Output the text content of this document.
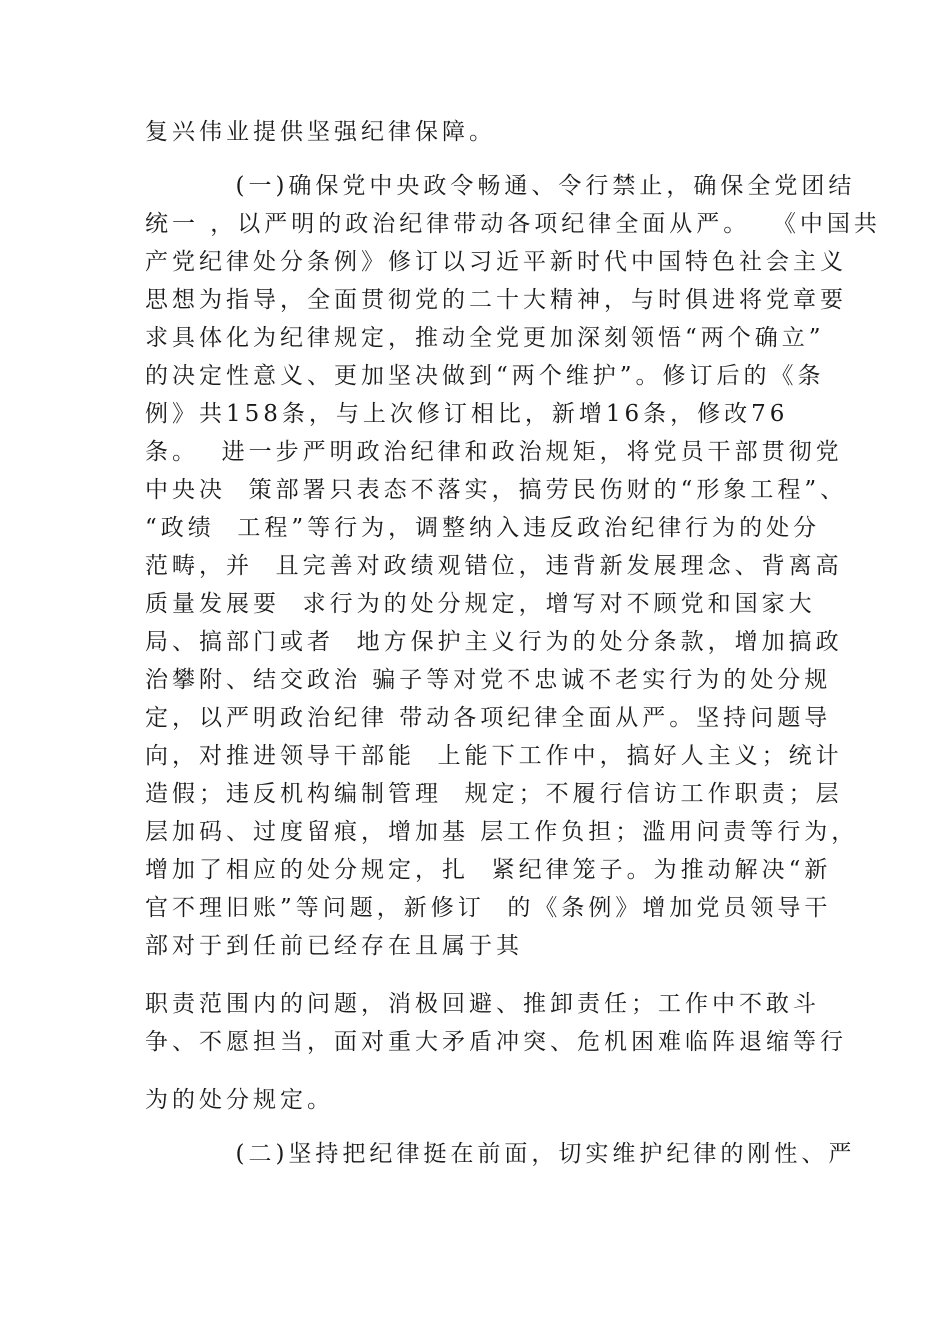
复兴伟业提供坚强纪律保障。
(一)确保党中央政令畅通、令行禁止，确保全党团结
统一 ，以严明的政治纪律带动各项纪律全面从严。  《中国共
产党纪律处分条例》修订以习近平新时代中国特色社会主义
思想为指导，全面贯彻党的二十大精神，与时俱进将党章要
求具体化为纪律规定，推动全党更加深刻领悟“两个确立”
的决定性意义、更加坚决做到“两个维护”。修订后的《条
例》共158条，与上次修订相比，新增16条，修改76
条。  进一步严明政治纪律和政治规矩，将党员干部贯彻党
中央决  策部署只表态不落实，搞劳民伤财的“形象工程”、
“政绩  工程”等行为，调整纳入违反政治纪律行为的处分
范畴，并  且完善对政绩观错位，违背新发展理念、背离高
质量发展要  求行为的处分规定，增写对不顾党和国家大
局、搞部门或者  地方保护主义行为的处分条款，增加搞政
治攀附、结交政治 骗子等对党不忠诚不老实行为的处分规
定，以严明政治纪律 带动各项纪律全面从严。坚持问题导
向，对推进领导干部能  上能下工作中，搞好人主义；统计
造假；违反机构编制管理  规定；不履行信访工作职责；层
层加码、过度留痕，增加基 层工作负担；滥用问责等行为，
增加了相应的处分规定，扎  紧纪律笼子。为推动解决“新
官不理旧账”等问题，新修订  的《条例》增加党员领导干
部对于到任前已经存在且属于其
职责范围内的问题，消极回避、推卸责任；工作中不敢斗
争、不愿担当，面对重大矛盾冲突、危机困难临阵退缩等行
为的处分规定。
(二)坚持把纪律挺在前面，切实维护纪律的刚性、严
